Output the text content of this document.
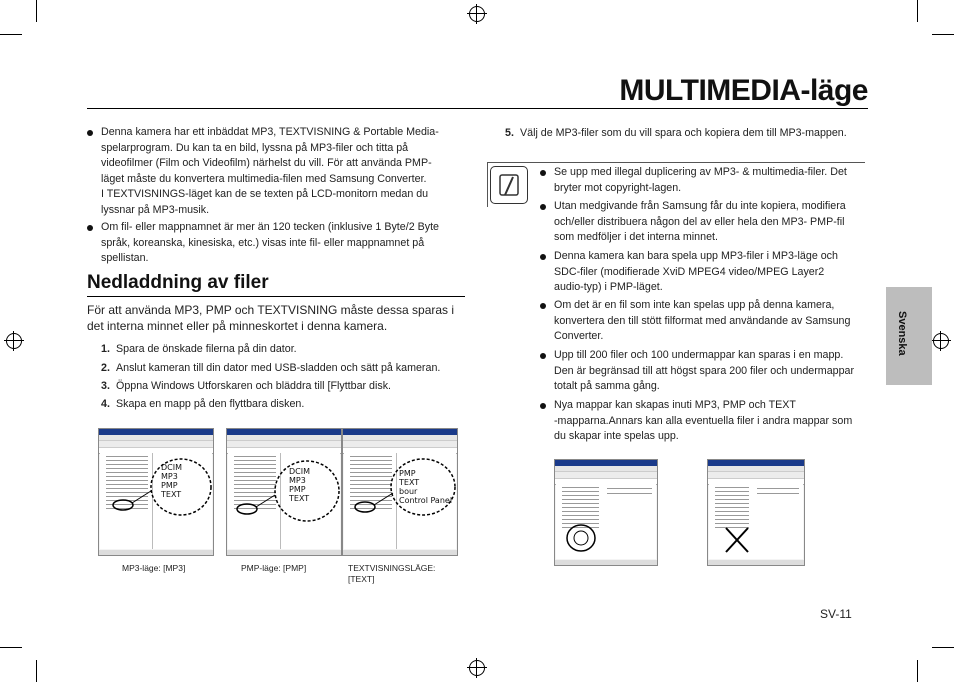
MULTIMEDIA-läge
Denna kamera har ett inbäddat MP3, TEXTVISNING & Portable Media-
spelarprogram. Du kan ta en bild, lyssna på MP3-filer och titta på
videofilmer (Film och Videofilm) närhelst du vill. För att använda PMP-
läget måste du konvertera multimedia-filen med Samsung Converter.
I TEXTVISNINGS-läget kan de se texten på LCD-monitorn medan du
lyssnar på MP3-musik.
Om fil- eller mappnamnet är mer än 120 tecken (inklusive 1 Byte/2 Byte
språk, koreanska, kinesiska, etc.) visas inte fil- eller mappnamnet på
spellistan.
Nedladdning av filer
För att använda MP3, PMP och TEXTVISNING måste dessa sparas i
det interna minnet eller på minneskortet i denna kamera.
1. Spara de önskade filerna på din dator.
2. Anslut kameran till din dator med USB-sladden och sätt på kameran.
3. Öppna Windows Utforskaren och bläddra till [Flyttbar disk.
4. Skapa en mapp på den flyttbara disken.
DCIM
MP3
PMP
TEXT
DCIM
MP3
PMP
TEXT
PMP
TEXT
bour
Control Panel
MP3-läge: [MP3]	PMP-läge: [PMP]	TEXTVISNINGSLÄGE:
[TEXT]
5. Välj de MP3-filer som du vill spara och kopiera dem till MP3-mappen.
Se upp med illegal duplicering av MP3- & multimedia-filer. Det
bryter mot copyright-lagen.
Utan medgivande från Samsung får du inte kopiera, modifiera
och/eller distribuera någon del av eller hela den MP3- PMP-fil
som medföljer i det interna minnet.
Denna kamera kan bara spela upp MP3-filer i MP3-läge och
SDC-filer (modifierade XviD MPEG4 video/MPEG Layer2
audio-typ) i PMP-läget.
Om det är en fil som inte kan spelas upp på denna kamera,
konvertera den till stött filformat med användande av Samsung
Converter.
Upp till 200 filer och 100 undermappar kan sparas i en mapp.
Den är begränsad till att högst spara 200 filer och undermappar
totalt på samma gång.
Nya mappar kan skapas inuti MP3, PMP och TEXT
-mapparna.Annars kan alla eventuella filer i andra mappar som
du skapar inte spelas upp.
Svenska
SV-11
